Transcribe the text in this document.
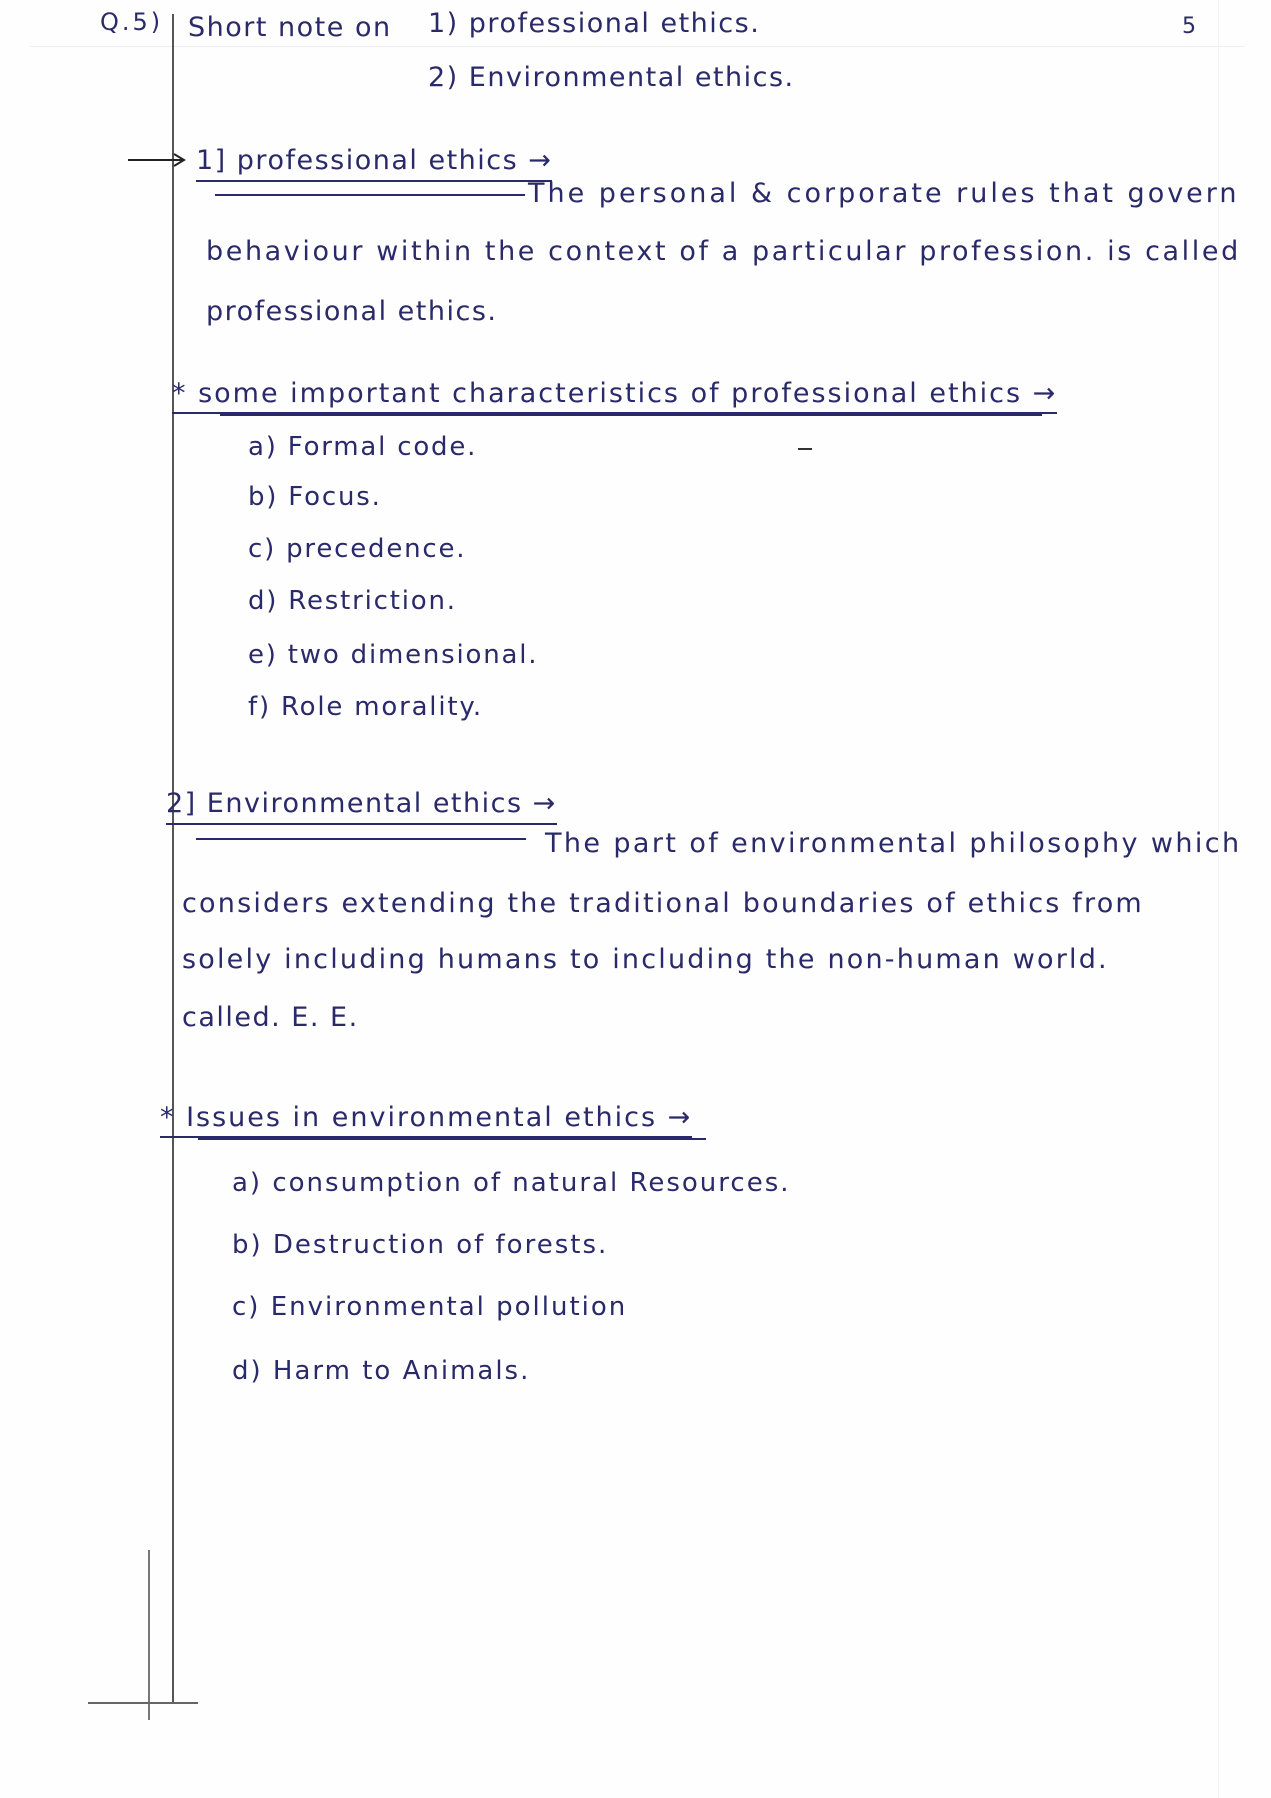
Q.5) Short note on 1) professional ethics.
2) Environmental ethics.
5
1] professional ethics →
The personal & corporate rules that govern
behaviour within the context of a particular profession. is called
professional ethics.
* some important characteristics of professional ethics →
a) Formal code.
b) Focus.
c) precedence.
d) Restriction.
e) two dimensional.
f) Role morality.
2] Environmental ethics →
The part of environmental philosophy which
considers extending the traditional boundaries of ethics from
solely including humans to including the non-human world.
called. E. E.
* Issues in environmental ethics →
a) consumption of natural Resources.
b) Destruction of forests.
c) Environmental pollution
d) Harm to Animals.
